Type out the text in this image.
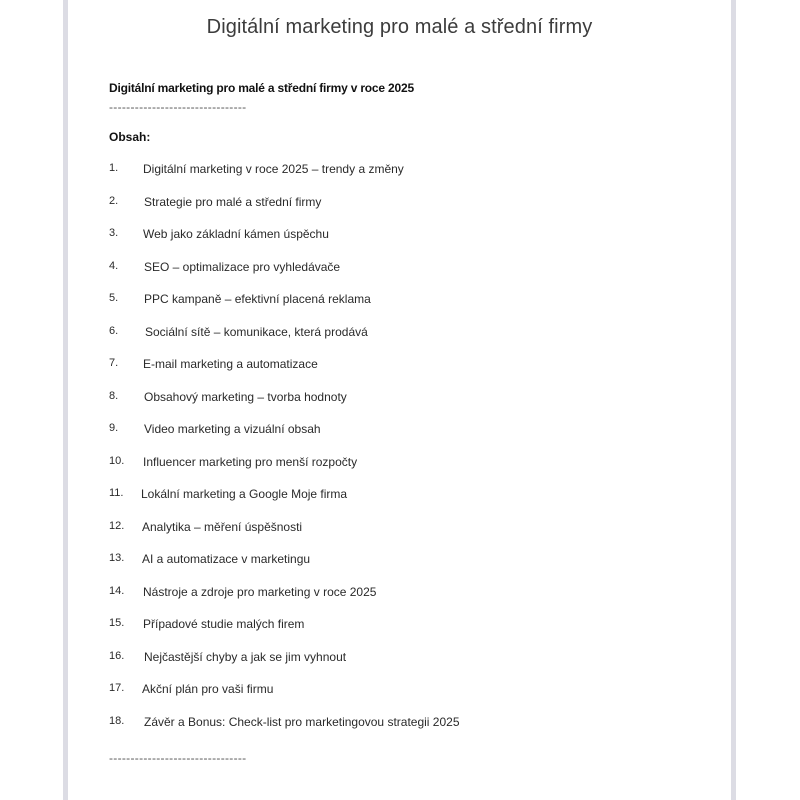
Digitální marketing pro malé a střední firmy
Digitální marketing pro malé a střední firmy v roce 2025
--------------------------------
Obsah:
1.	Digitální marketing v roce 2025 – trendy a změny
2.	Strategie pro malé a střední firmy
3.	Web jako základní kámen úspěchu
4.	SEO – optimalizace pro vyhledávače
5.	PPC kampaně – efektivní placená reklama
6.	Sociální sítě – komunikace, která prodává
7.	E-mail marketing a automatizace
8.	Obsahový marketing – tvorba hodnoty
9.	Video marketing a vizuální obsah
10.	Influencer marketing pro menší rozpočty
11.	Lokální marketing a Google Moje firma
12.	Analytika – měření úspěšnosti
13.	AI a automatizace v marketingu
14.	Nástroje a zdroje pro marketing v roce 2025
15.	Případové studie malých firem
16.	Nejčastější chyby a jak se jim vyhnout
17.	Akční plán pro vaši firmu
18.	Závěr a Bonus: Check-list pro marketingovou strategii 2025
--------------------------------
